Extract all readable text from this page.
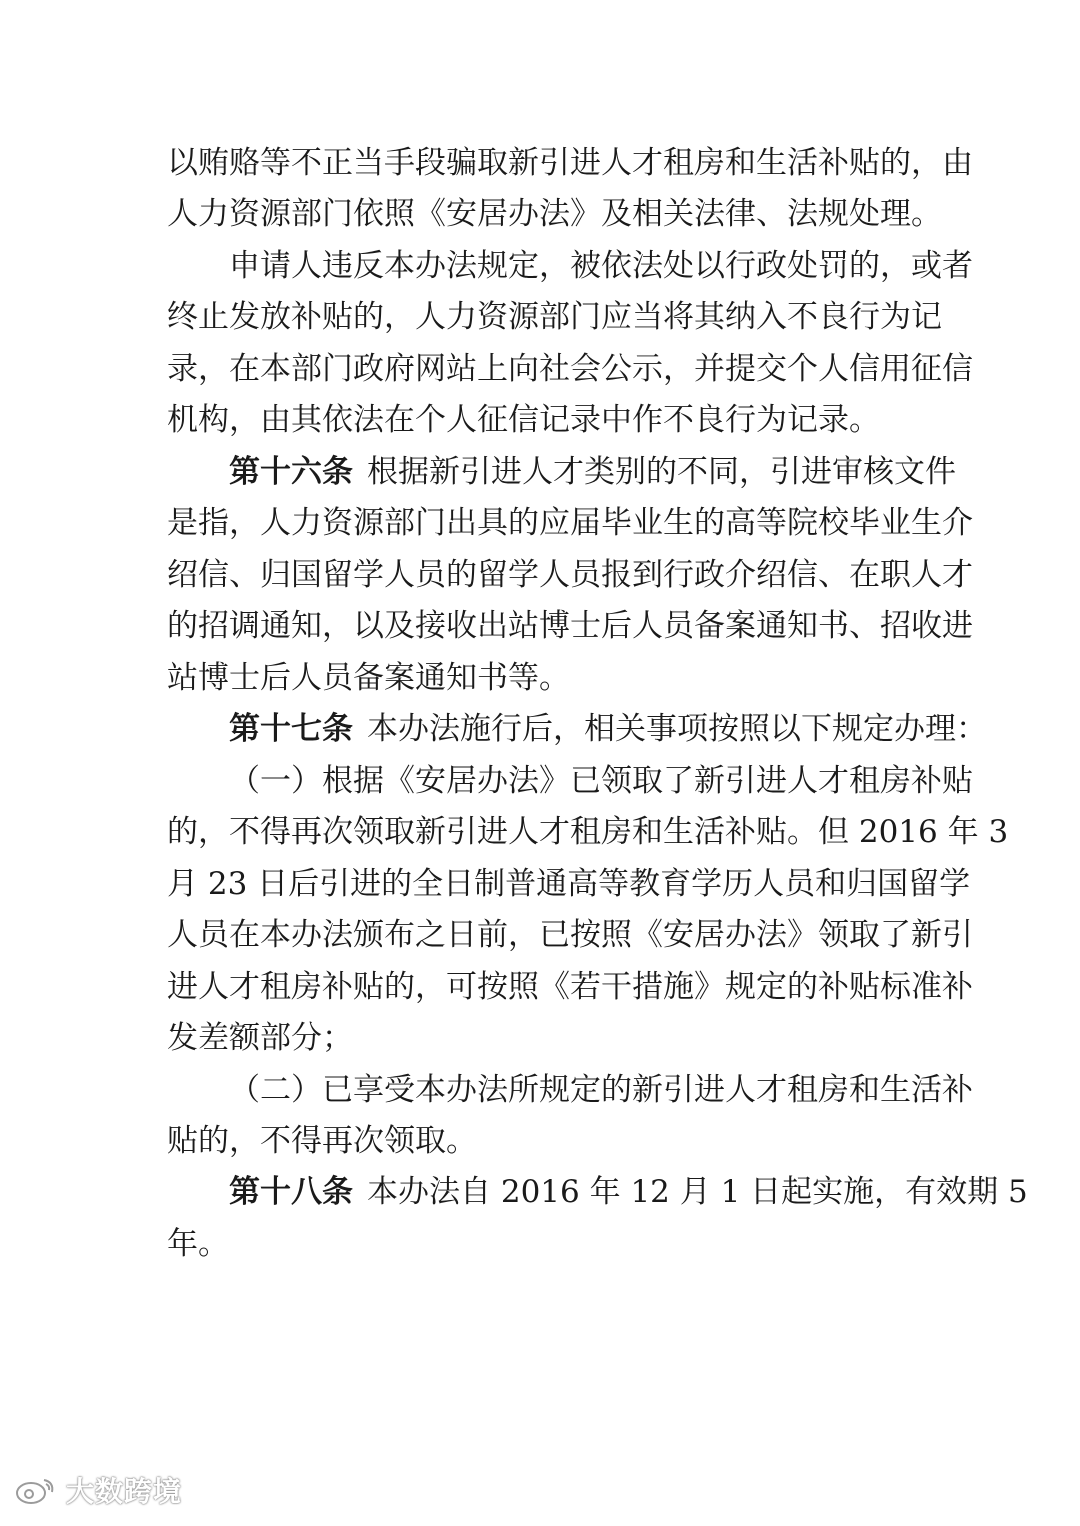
以贿赂等不正当手段骗取新引进人才租房和生活补贴的，由
人力资源部门依照《安居办法》及相关法律、法规处理。
申请人违反本办法规定，被依法处以行政处罚的，或者
终止发放补贴的，人力资源部门应当将其纳入不良行为记
录，在本部门政府网站上向社会公示，并提交个人信用征信
机构，由其依法在个人征信记录中作不良行为记录。
第十六条 根据新引进人才类别的不同，引进审核文件
是指，人力资源部门出具的应届毕业生的高等院校毕业生介
绍信、归国留学人员的留学人员报到行政介绍信、在职人才
的招调通知，以及接收出站博士后人员备案通知书、招收进
站博士后人员备案通知书等。
第十七条 本办法施行后，相关事项按照以下规定办理：
（一）根据《安居办法》已领取了新引进人才租房补贴
的，不得再次领取新引进人才租房和生活补贴。但 2016 年 3
月 23 日后引进的全日制普通高等教育学历人员和归国留学
人员在本办法颁布之日前，已按照《安居办法》领取了新引
进人才租房补贴的，可按照《若干措施》规定的补贴标准补
发差额部分；
（二）已享受本办法所规定的新引进人才租房和生活补
贴的，不得再次领取。
第十八条 本办法自 2016 年 12 月 1 日起实施，有效期 5
年。
大数跨境
